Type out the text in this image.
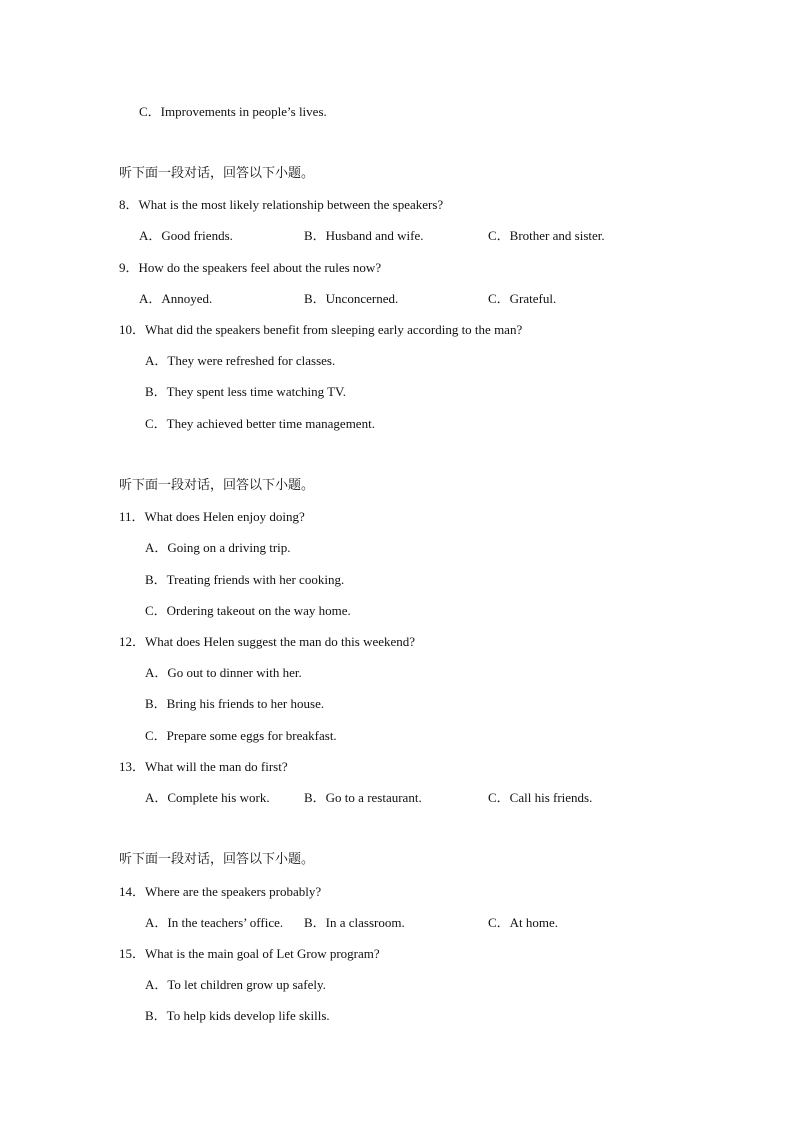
C．Improvements in people’s lives.
听下面一段对话，回答以下小题。
8．What is the most likely relationship between the speakers?
A．Good friends.	B．Husband and wife.	C．Brother and sister.
9．How do the speakers feel about the rules now?
A．Annoyed.	B．Unconcerned.	C．Grateful.
10．What did the speakers benefit from sleeping early according to the man?
A．They were refreshed for classes.
B．They spent less time watching TV.
C．They achieved better time management.
听下面一段对话，回答以下小题。
11．What does Helen enjoy doing?
A．Going on a driving trip.
B．Treating friends with her cooking.
C．Ordering takeout on the way home.
12．What does Helen suggest the man do this weekend?
A．Go out to dinner with her.
B．Bring his friends to her house.
C．Prepare some eggs for breakfast.
13．What will the man do first?
A．Complete his work.	B．Go to a restaurant.	C．Call his friends.
听下面一段对话，回答以下小题。
14．Where are the speakers probably?
A．In the teachers’ office. B．In a classroom.	C．At home.
15．What is the main goal of Let Grow program?
A．To let children grow up safely.
B．To help kids develop life skills.
